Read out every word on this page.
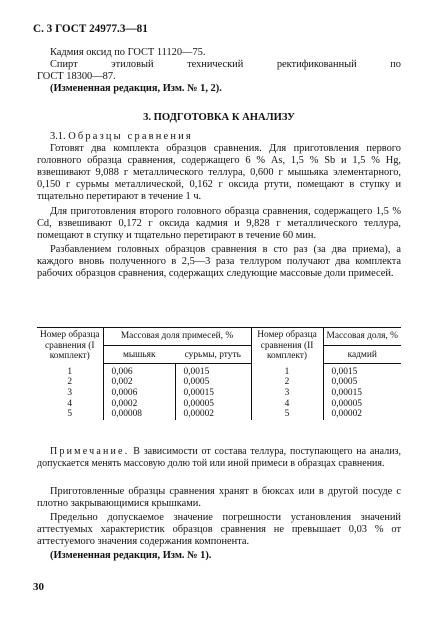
С. 3 ГОСТ 24977.3—81

Кадмия оксид по ГОСТ 11120—75.

Спирт	этиловый	технический	ректификованный	по

ГОСТ 18300—87.

(Измененная редакция, Изм. № 1, 2).

3. ПОДГОТОВКА К АНАЛИЗУ

3.1. Образцы сравнения

Готовят два комплекта образцов сравнения. Для приготовления первого головного образца сравнения, содержащего 6 % As, 1,5 % Sb и 1,5 % Hg, взвешивают 9,088 г металлического теллура, 0,600 г мышьяка элементарного, 0,150 г сурьмы металлической, 0,162 г оксида ртути, помещают в ступку и тщательно перетирают в течение 1 ч.

Для приготовления второго головного образца сравнения, содержащего 1,5 % Cd, взвешивают 0,172 г оксида кадмия и 9,828 г металлического теллура, помещают в ступку и тщательно перетирают в течение 60 мин.

Разбавлением головных образцов сравнения в сто раз (за два приема), а каждого вновь полученного в 2,5—3 раза теллуром получают два комплекта рабочих образцов сравнения, содержащих следующие массовые доли примесей.

Номер образца сравнения (I комплект)	Массовая доля примесей, %		Номер образца сравнения (II комплект)	Массовая доля, %
	мышьяк	сурьмы, ртуть		кадмий

1	0,006	0,0015	1	0,0015
2	0,002	0,0005	2	0,0005
3	0,0006	0,00015	3	0,00015
4	0,0002	0,00005	4	0,00005
5	0,00008	0,00002	5	0,00002

Примечание. В зависимости от состава теллура, поступающего на анализ, допускается менять массовую долю той или иной примеси в образцах сравнения.

Приготовленные образцы сравнения хранят в бюксах или в другой посуде с плотно закрывающимися крышками.

Предельно допускаемое значение погрешности установления значений аттестуемых характеристик образцов сравнения не превышает 0,03 % от аттестуемого значения содержания компонента.

(Измененная редакция, Изм. № 1).

30
